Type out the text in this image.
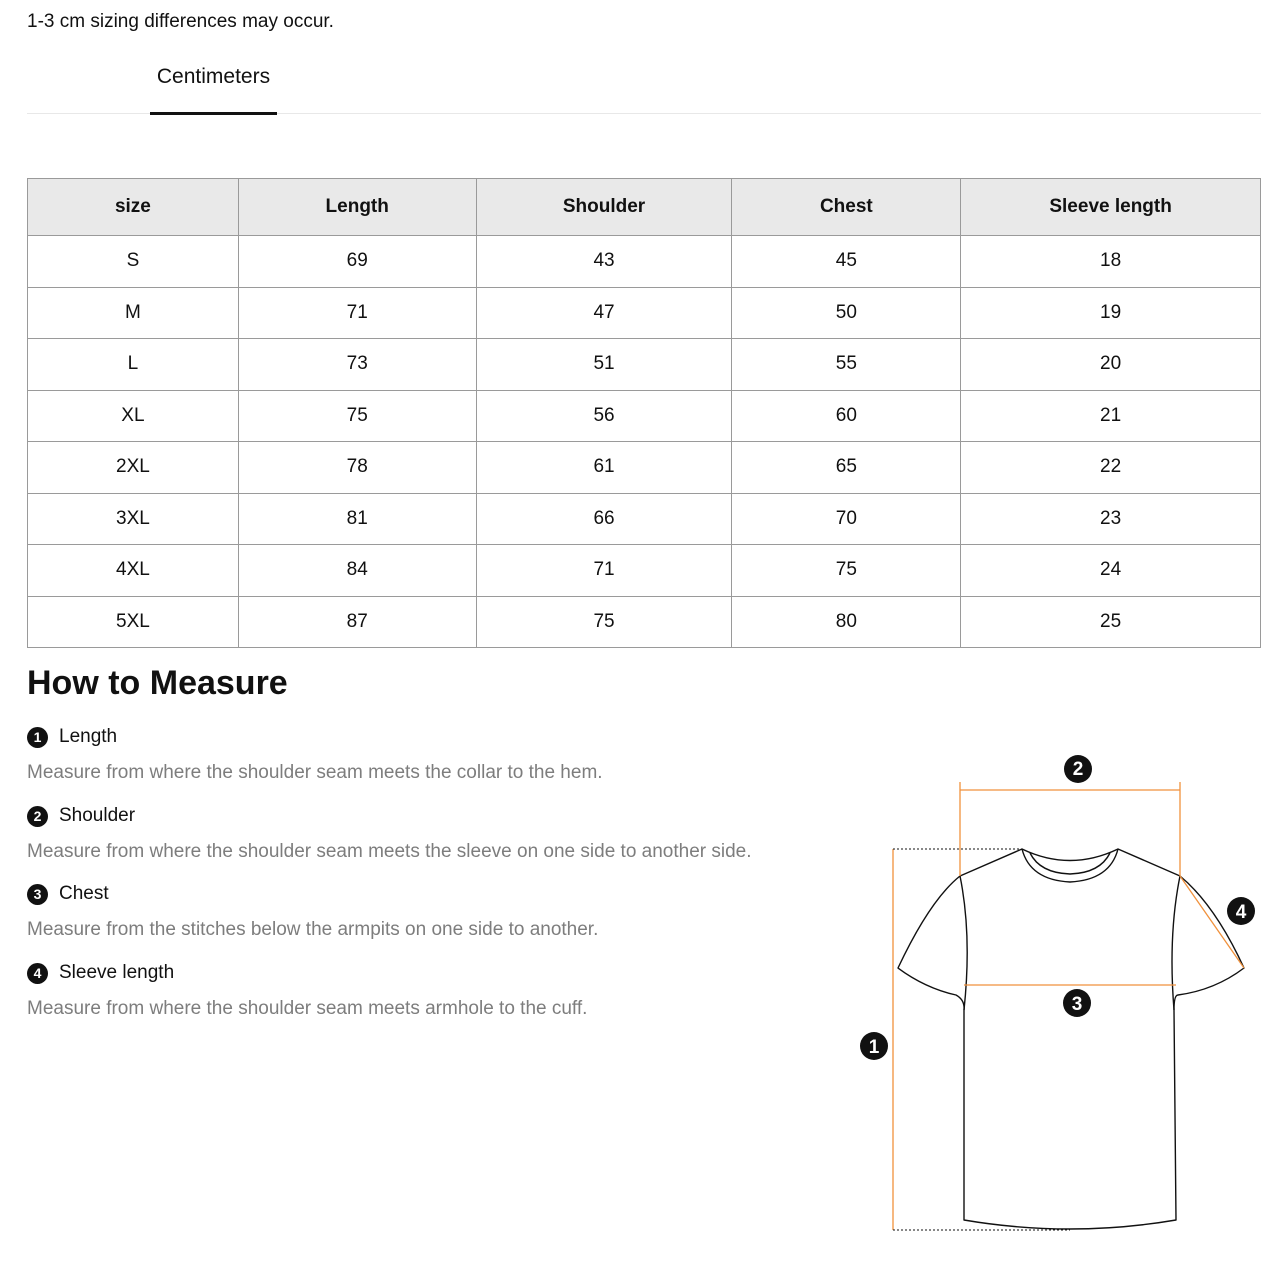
1-3 cm sizing differences may occur.
Centimeters
size	Length	Shoulder	Chest	Sleeve length
S	69	43	45	18
M	71	47	50	19
L	73	51	55	20
XL	75	56	60	21
2XL	78	61	65	22
3XL	81	66	70	23
4XL	84	71	75	24
5XL	87	75	80	25
How to Measure
1 Length
Measure from where the shoulder seam meets the collar to the hem.
2 Shoulder
Measure from where the shoulder seam meets the sleeve on one side to another side.
3 Chest
Measure from the stitches below the armpits on one side to another.
4 Sleeve length
Measure from where the shoulder seam meets armhole to the cuff.
2
4
3
1
